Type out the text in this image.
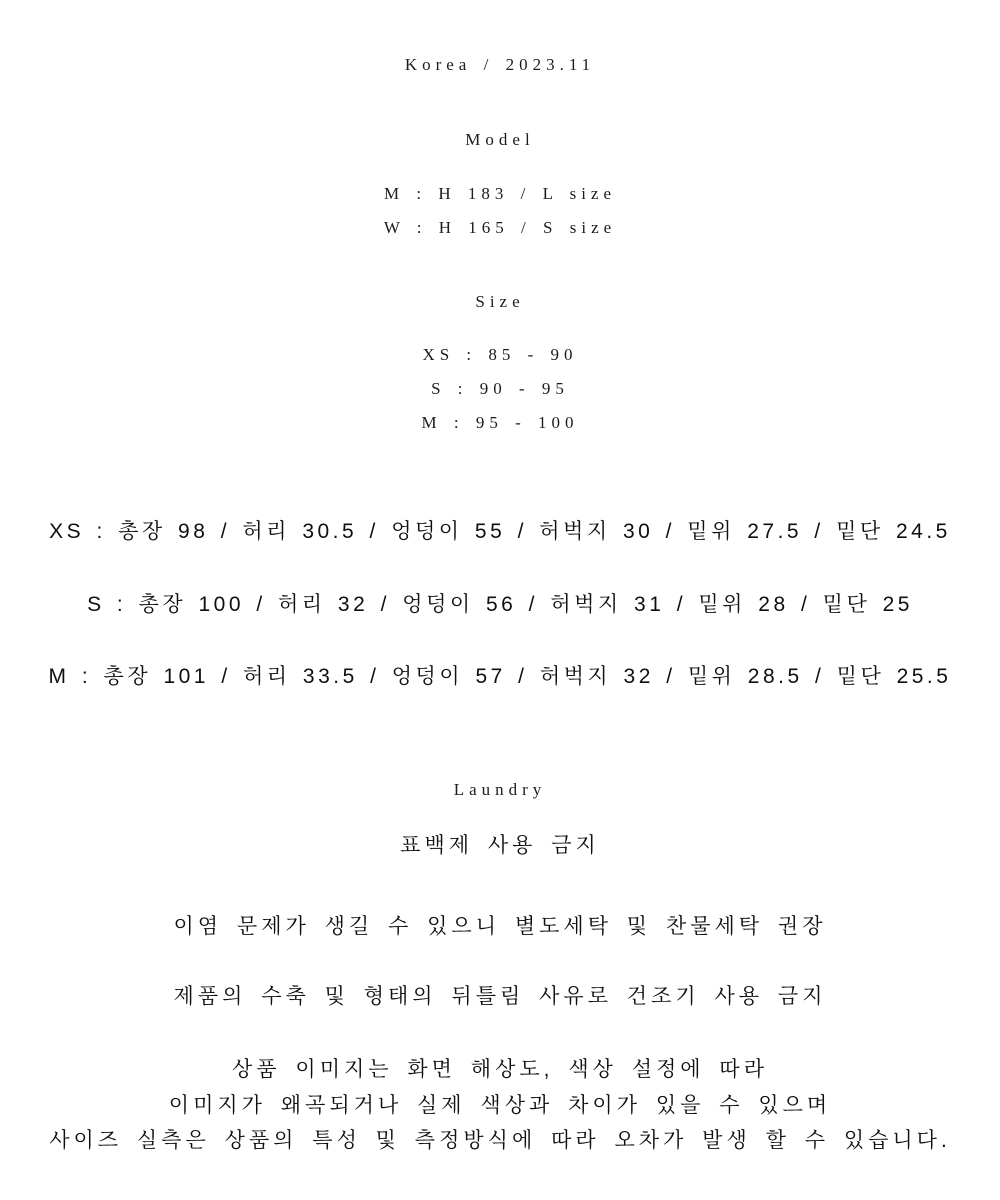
Korea / 2023.11
Model
M : H 183 / L size
W : H 165 / S size
Size
XS : 85 - 90
S : 90 - 95
M : 95 - 100
XS : 총장 98 / 허리 30.5 / 엉덩이 55 / 허벅지 30 / 밑위 27.5 / 밑단 24.5
S : 총장 100 / 허리 32 / 엉덩이 56 / 허벅지 31 / 밑위 28 / 밑단 25
M : 총장 101 / 허리 33.5 / 엉덩이 57 / 허벅지 32 / 밑위 28.5 / 밑단 25.5
Laundry
표백제 사용 금지
이염 문제가 생길 수 있으니 별도세탁 및 찬물세탁 권장
제품의 수축 및 형태의 뒤틀림 사유로 건조기 사용 금지
상품 이미지는 화면 해상도, 색상 설정에 따라
이미지가 왜곡되거나 실제 색상과 차이가 있을 수 있으며
사이즈 실측은 상품의 특성 및 측정방식에 따라 오차가 발생 할 수 있습니다.
